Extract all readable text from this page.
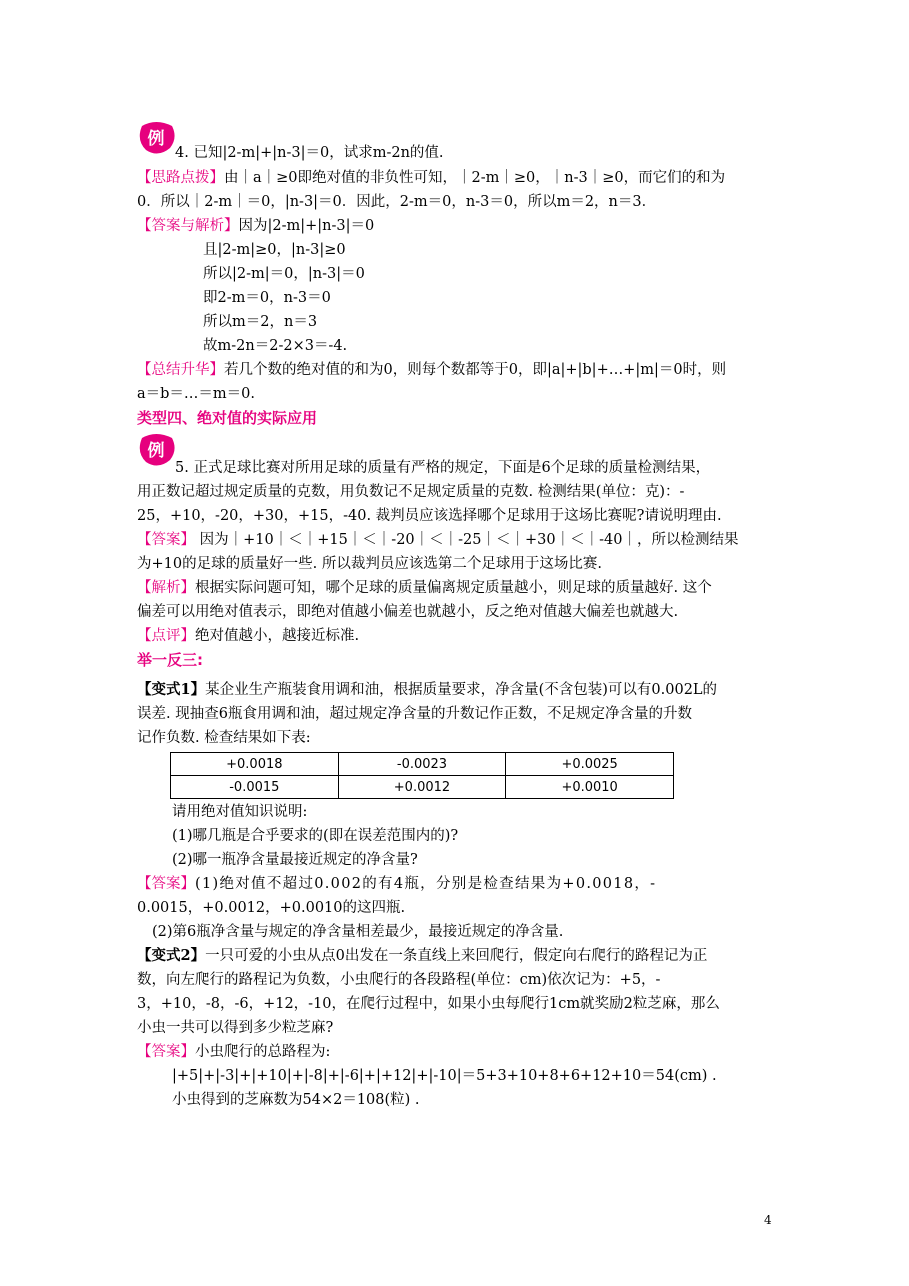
例
4. 已知|2-m|+|n-3|＝0，试求m-2n的值.
【思路点拨】由｜a｜≥0即绝对值的非负性可知，｜2-m｜≥0，｜n-3｜≥0，而它们的和为
0．所以｜2-m｜＝0，|n-3|＝0．因此，2-m＝0，n-3＝0，所以m＝2，n＝3．
【答案与解析】因为|2-m|+|n-3|＝0
且|2-m|≥0，|n-3|≥0
所以|2-m|＝0，|n-3|＝0
即2-m＝0，n-3＝0
所以m＝2，n＝3
故m-2n＝2-2×3＝-4.
【总结升华】若几个数的绝对值的和为0，则每个数都等于0，即|a|+|b|+…+|m|＝0时，则
a＝b＝…＝m＝0.
类型四、绝对值的实际应用
例
5. 正式足球比赛对所用足球的质量有严格的规定，下面是6个足球的质量检测结果，
用正数记超过规定质量的克数，用负数记不足规定质量的克数. 检测结果(单位：克)：-
25，+10，-20，+30，+15，-40. 裁判员应该选择哪个足球用于这场比赛呢?请说明理由.
【答案】 因为｜+10｜＜｜+15｜＜｜-20｜＜｜-25｜＜｜+30｜＜｜-40｜，所以检测结果
为+10的足球的质量好一些. 所以裁判员应该选第二个足球用于这场比赛.
【解析】根据实际问题可知，哪个足球的质量偏离规定质量越小，则足球的质量越好. 这个
偏差可以用绝对值表示，即绝对值越小偏差也就越小，反之绝对值越大偏差也就越大.
【点评】绝对值越小，越接近标准.
举一反三:
【变式1】某企业生产瓶装食用调和油，根据质量要求，净含量(不含包装)可以有0.002L的
误差. 现抽查6瓶食用调和油，超过规定净含量的升数记作正数，不足规定净含量的升数
记作负数. 检查结果如下表:
+0.0018	-0.0023	+0.0025
-0.0015	+0.0012	+0.0010
请用绝对值知识说明:
(1)哪几瓶是合乎要求的(即在误差范围内的)?
(2)哪一瓶净含量最接近规定的净含量?
【答案】(1)绝对值不超过0.002的有4瓶，分别是检查结果为+0.0018，-
0.0015，+0.0012，+0.0010的这四瓶.
(2)第6瓶净含量与规定的净含量相差最少，最接近规定的净含量.
【变式2】一只可爱的小虫从点0出发在一条直线上来回爬行，假定向右爬行的路程记为正
数，向左爬行的路程记为负数，小虫爬行的各段路程(单位：cm)依次记为：+5，-
3，+10，-8，-6，+12，-10，在爬行过程中，如果小虫每爬行1cm就奖励2粒芝麻，那么
小虫一共可以得到多少粒芝麻?
【答案】小虫爬行的总路程为:
|+5|+|-3|+|+10|+|-8|+|-6|+|+12|+|-10|＝5+3+10+8+6+12+10＝54(cm) .
小虫得到的芝麻数为54×2＝108(粒) .
4
